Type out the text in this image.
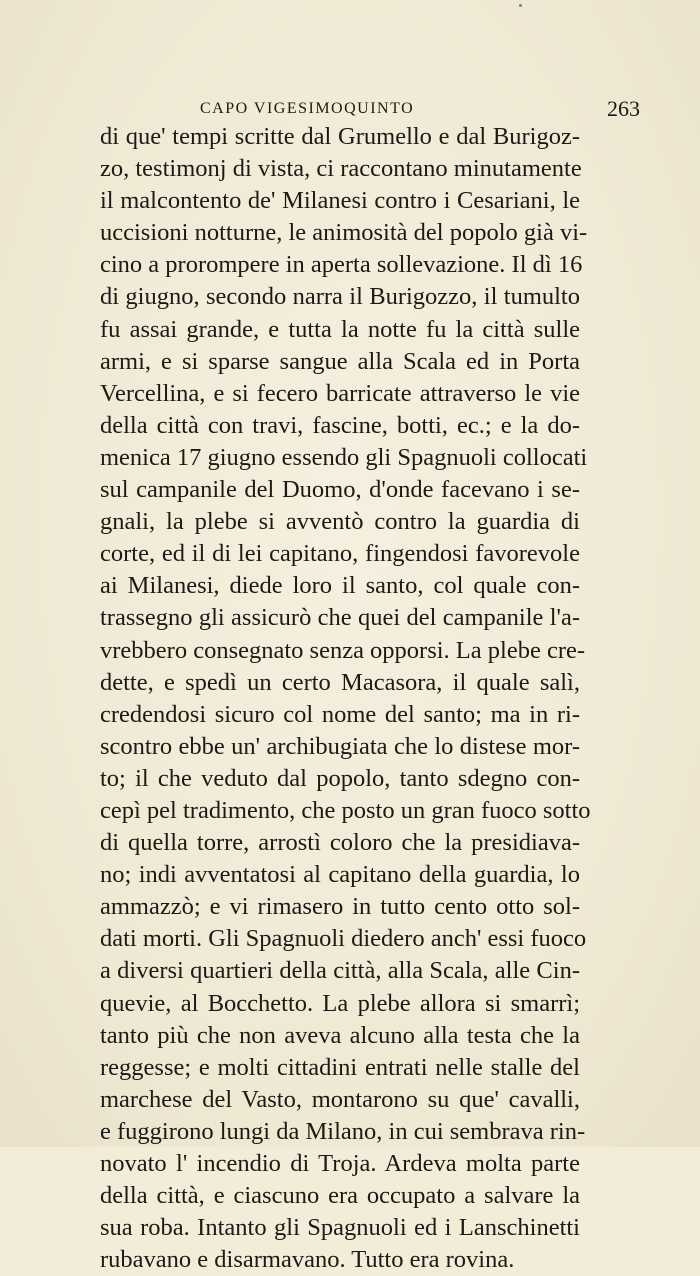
CAPO VIGESIMOQUINTO	263
di que' tempi scritte dal Grumello e dal Burigoz-
zo, testimonj di vista, ci raccontano minutamente
il malcontento de' Milanesi contro i Cesariani, le
uccisioni notturne, le animosità del popolo già vi-
cino a prorompere in aperta sollevazione. Il dì 16
di giugno, secondo narra il Burigozzo, il tumulto
fu assai grande, e tutta la notte fu la città sulle
armi, e si sparse sangue alla Scala ed in Porta
Vercellina, e si fecero barricate attraverso le vie
della città con travi, fascine, botti, ec.; e la do-
menica 17 giugno essendo gli Spagnuoli collocati
sul campanile del Duomo, d'onde facevano i se-
gnali, la plebe si avventò contro la guardia di
corte, ed il di lei capitano, fingendosi favorevole
ai Milanesi, diede loro il santo, col quale con-
trassegno gli assicurò che quei del campanile l'a-
vrebbero consegnato senza opporsi. La plebe cre-
dette, e spedì un certo Macasora, il quale salì,
credendosi sicuro col nome del santo; ma in ri-
scontro ebbe un' archibugiata che lo distese mor-
to; il che veduto dal popolo, tanto sdegno con-
cepì pel tradimento, che posto un gran fuoco sotto
di quella torre, arrostì coloro che la presidiava-
no; indi avventatosi al capitano della guardia, lo
ammazzò; e vi rimasero in tutto cento otto sol-
dati morti. Gli Spagnuoli diedero anch' essi fuoco
a diversi quartieri della città, alla Scala, alle Cin-
quevie, al Bocchetto. La plebe allora si smarrì;
tanto più che non aveva alcuno alla testa che la
reggesse; e molti cittadini entrati nelle stalle del
marchese del Vasto, montarono su que' cavalli,
e fuggirono lungi da Milano, in cui sembrava rin-
novato l' incendio di Troja. Ardeva molta parte
della città, e ciascuno era occupato a salvare la
sua roba. Intanto gli Spagnuoli ed i Lanschinetti
rubavano e disarmavano. Tutto era rovina.
